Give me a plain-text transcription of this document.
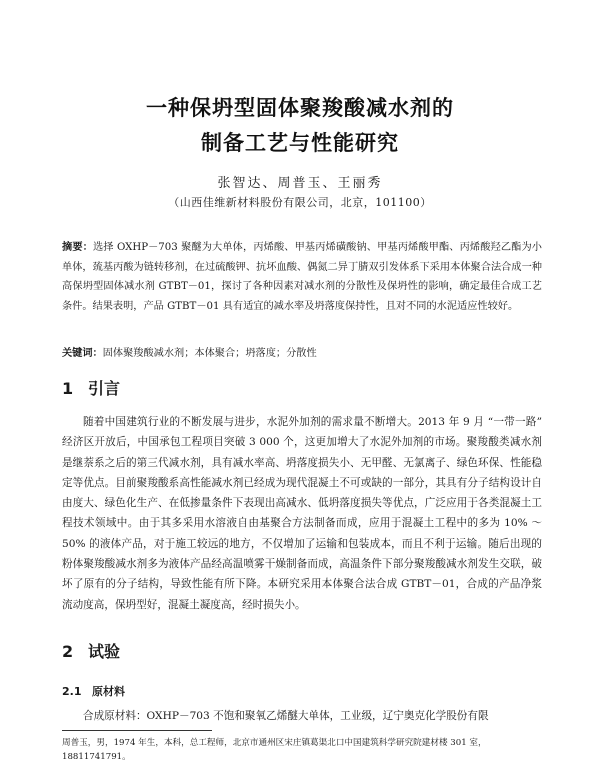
一种保坍型固体聚羧酸减水剂的
制备工艺与性能研究
张智达、周普玉、王丽秀
（山西佳维新材料股份有限公司，北京，101100）
摘要：选择 OXHP－703 聚醚为大单体，丙烯酸、甲基丙烯磺酸钠、甲基丙烯酸甲酯、丙烯酸羟乙酯为小单体，巯基丙酸为链转移剂，在过硫酸钾、抗坏血酸、偶氮二异丁腈双引发体系下采用本体聚合法合成一种高保坍型固体减水剂 GTBT－01，探讨了各种因素对减水剂的分散性及保坍性的影响，确定最佳合成工艺条件。结果表明，产品 GTBT－01 具有适宜的减水率及坍落度保持性，且对不同的水泥适应性较好。
关键词：固体聚羧酸减水剂；本体聚合；坍落度；分散性
1 引言
随着中国建筑行业的不断发展与进步，水泥外加剂的需求量不断增大。2013 年 9 月 “一带一路” 经济区开放后，中国承包工程项目突破 3 000 个，这更加增大了水泥外加剂的市场。聚羧酸类减水剂是继萘系之后的第三代减水剂，具有减水率高、坍落度损失小、无甲醛、无氯离子、绿色环保、性能稳定等优点。目前聚羧酸系高性能减水剂已经成为现代混凝土不可或缺的一部分，其具有分子结构设计自由度大、绿色化生产、在低掺量条件下表现出高减水、低坍落度损失等优点，广泛应用于各类混凝土工程技术领域中。由于其多采用水溶液自由基聚合方法制备而成，应用于混凝土工程中的多为 10% ～50% 的液体产品，对于施工较远的地方，不仅增加了运输和包装成本，而且不利于运输。随后出现的粉体聚羧酸减水剂多为液体产品经高温喷雾干燥制备而成，高温条件下部分聚羧酸减水剂发生交联，破坏了原有的分子结构，导致性能有所下降。本研究采用本体聚合法合成 GTBT－01，合成的产品净浆流动度高，保坍型好，混凝土凝度高，经时损失小。
2 试验
2.1 原材料
合成原材料：OXHP－703 不饱和聚氧乙烯醚大单体，工业级，辽宁奥克化学股份有限
周普玉，男，1974 年生，本科，总工程师，北京市通州区宋庄镇葛渠北口中国建筑科学研究院建材楼 301 室，18811741791。
